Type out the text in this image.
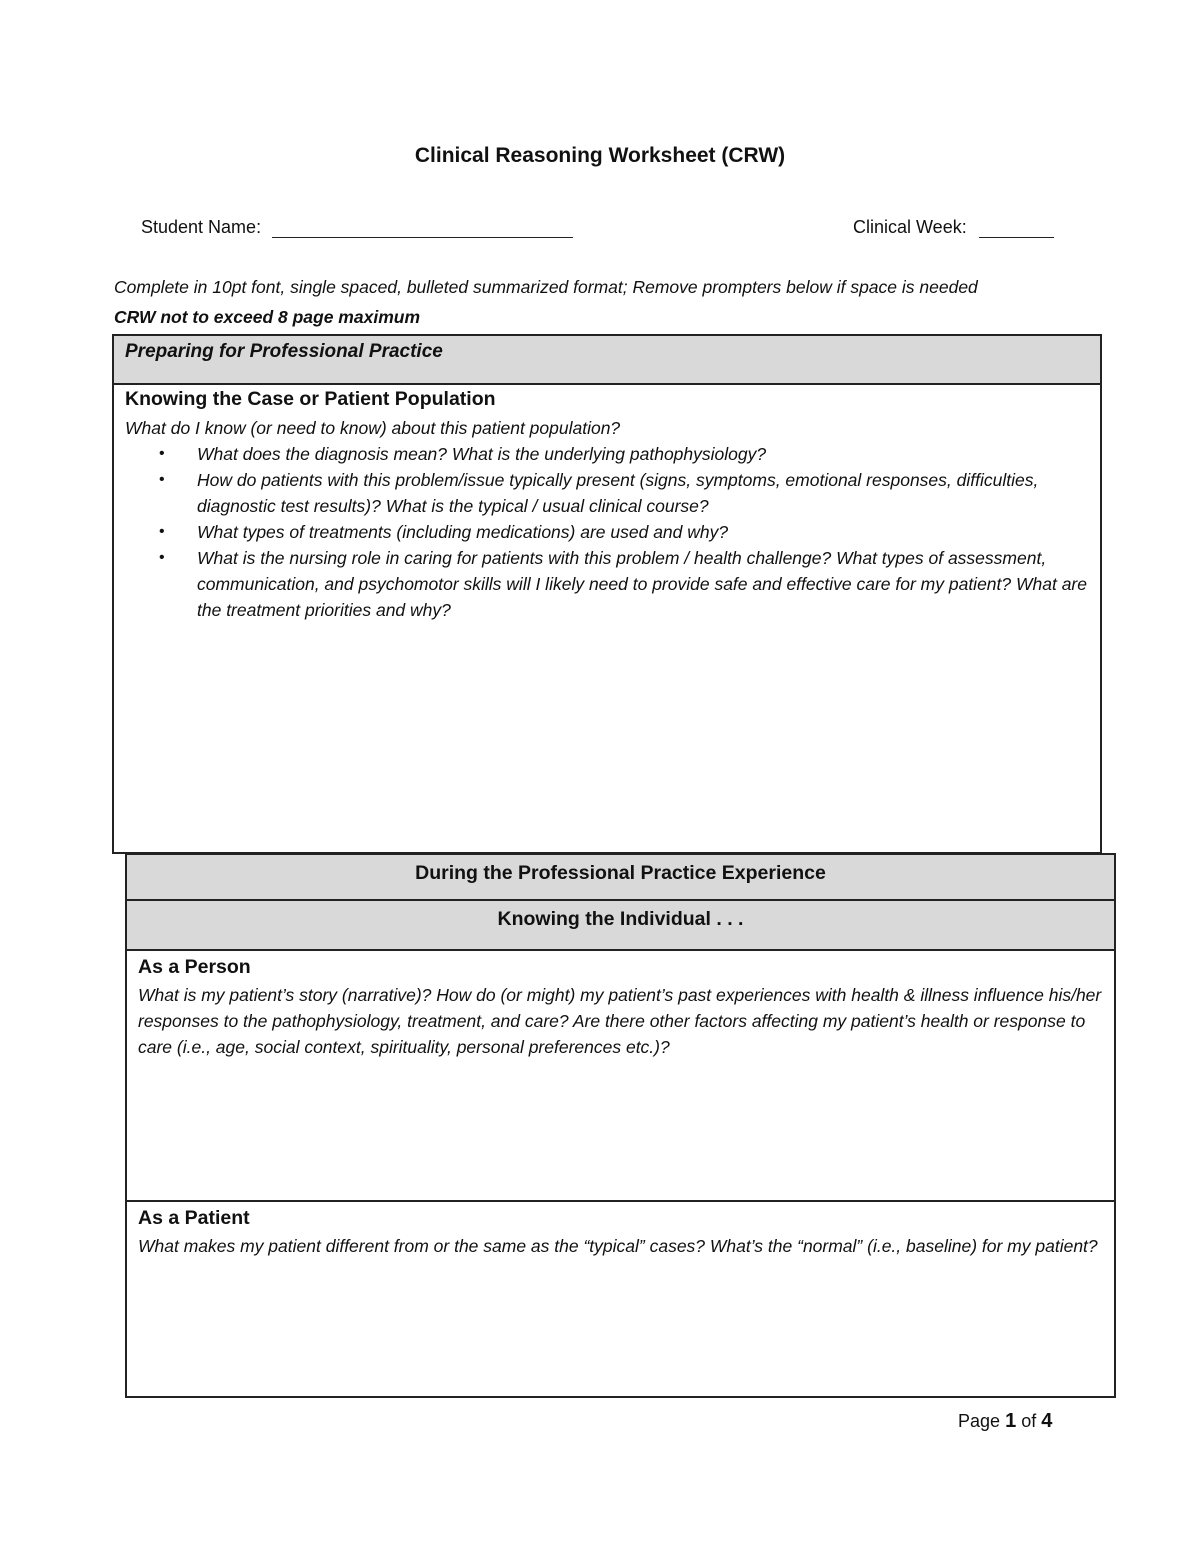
Clinical Reasoning Worksheet (CRW)
Student Name:	Clinical Week:
Complete in 10pt font, single spaced, bulleted summarized format; Remove prompters below if space is needed
CRW not to exceed 8 page maximum
Preparing for Professional Practice
Knowing the Case or Patient Population
What do I know (or need to know) about this patient population?
• What does the diagnosis mean? What is the underlying pathophysiology?
• How do patients with this problem/issue typically present (signs, symptoms, emotional responses, difficulties, diagnostic test results)? What is the typical / usual clinical course?
• What types of treatments (including medications) are used and why?
• What is the nursing role in caring for patients with this problem / health challenge? What types of assessment, communication, and psychomotor skills will I likely need to provide safe and effective care for my patient? What are the treatment priorities and why?
During the Professional Practice Experience
Knowing the Individual . . .
As a Person
What is my patient’s story (narrative)? How do (or might) my patient’s past experiences with health & illness influence his/her responses to the pathophysiology, treatment, and care? Are there other factors affecting my patient’s health or response to care (i.e., age, social context, spirituality, personal preferences etc.)?
As a Patient
What makes my patient different from or the same as the “typical” cases? What’s the “normal” (i.e., baseline) for my patient?
Page 1 of 4
